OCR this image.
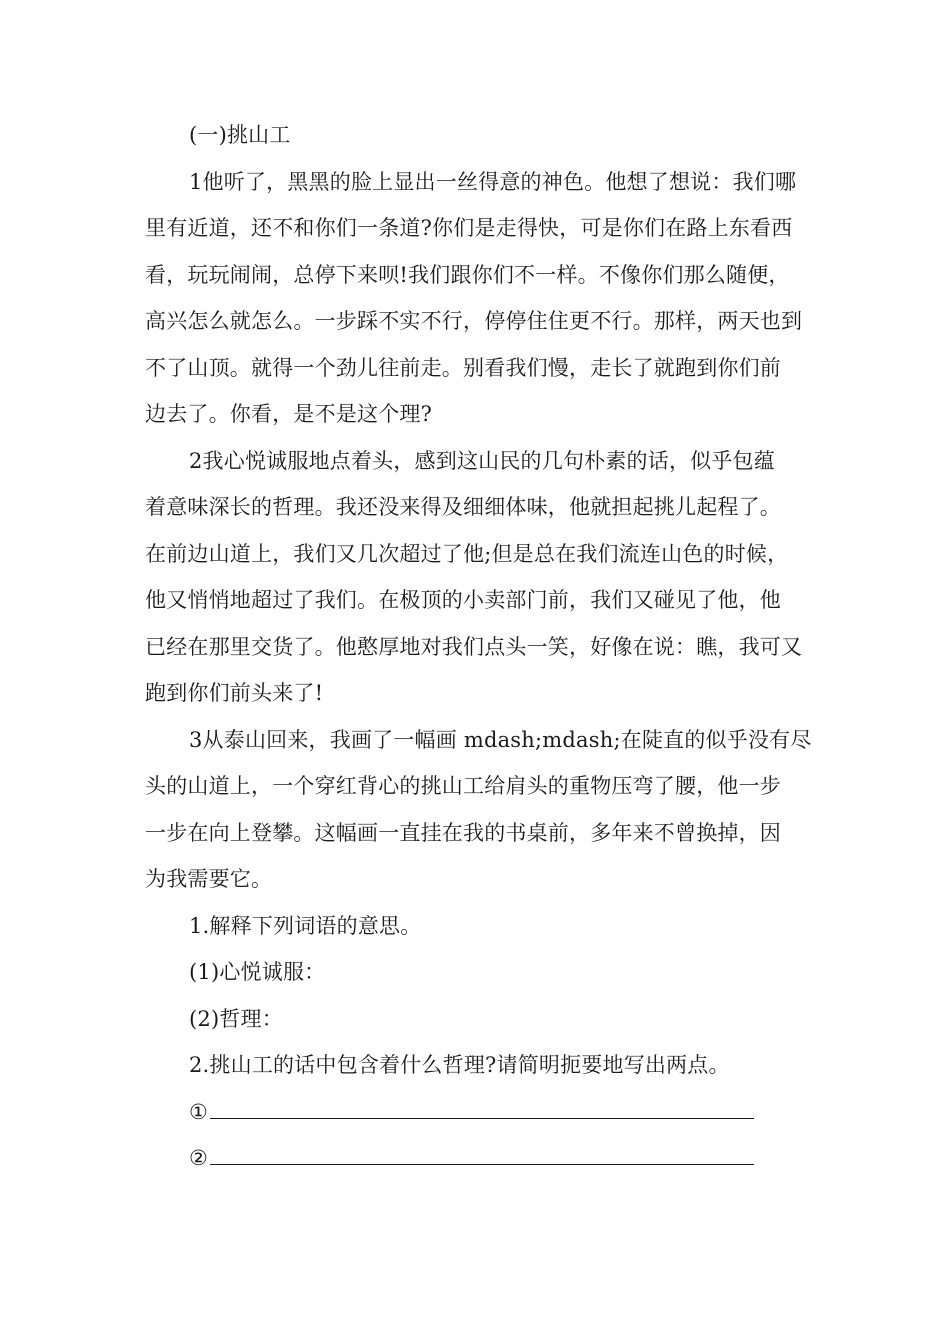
(一)挑山工
1他听了，黑黑的脸上显出一丝得意的神色。他想了想说：我们哪
里有近道，还不和你们一条道?你们是走得快，可是你们在路上东看西
看，玩玩闹闹，总停下来呗!我们跟你们不一样。不像你们那么随便，
高兴怎么就怎么。一步踩不实不行，停停住住更不行。那样，两天也到
不了山顶。就得一个劲儿往前走。别看我们慢，走长了就跑到你们前
边去了。你看，是不是这个理?
2我心悦诚服地点着头，感到这山民的几句朴素的话，似乎包蕴
着意味深长的哲理。我还没来得及细细体味，他就担起挑儿起程了。
在前边山道上，我们又几次超过了他;但是总在我们流连山色的时候，
他又悄悄地超过了我们。在极顶的小卖部门前，我们又碰见了他，他
已经在那里交货了。他憨厚地对我们点头一笑，好像在说：瞧，我可又
跑到你们前头来了!
3从泰山回来，我画了一幅画 mdash;mdash;在陡直的似乎没有尽
头的山道上，一个穿红背心的挑山工给肩头的重物压弯了腰，他一步
一步在向上登攀。这幅画一直挂在我的书桌前，多年来不曾换掉，因
为我需要它。
1.解释下列词语的意思。
(1)心悦诚服：
(2)哲理：
2.挑山工的话中包含着什么哲理?请简明扼要地写出两点。
①
②
